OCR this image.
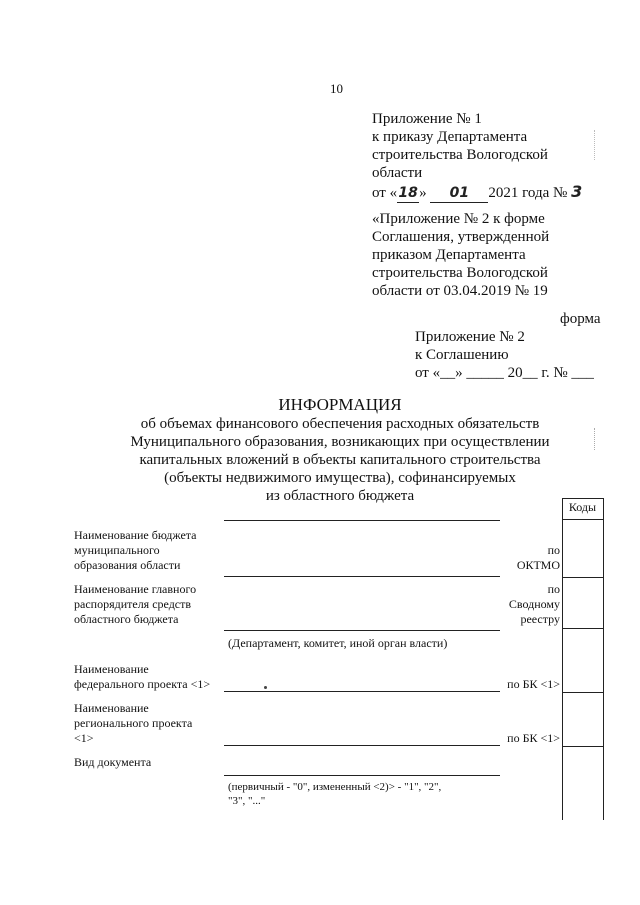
10
Приложение № 1
к приказу Департамента
строительства Вологодской
области
от «18» 01 2021 года № 3
«Приложение № 2 к форме
Соглашения, утвержденной
приказом Департамента
строительства Вологодской
области от 03.04.2019 № 19
форма
Приложение № 2
к Соглашению
от «__» _____ 20__ г. № ___
ИНФОРМАЦИЯ
об объемах финансового обеспечения расходных обязательств
Муниципального образования, возникающих при осуществлении
капитальных вложений в объекты капитального строительства
(объекты недвижимого имущества), софинансируемых
из областного бюджета
Коды
Наименование бюджета
муниципального
образования области
по
ОКТМО
Наименование главного
распорядителя средств
областного бюджета
по
Сводному
реестру
(Департамент, комитет, иной орган власти)
Наименование
федерального проекта <1>	по БК <1>
Наименование
регионального проекта
<1>	по БК <1>
Вид документа
(первичный - "0", измененный <2)> - "1", "2",
"3", "..."
